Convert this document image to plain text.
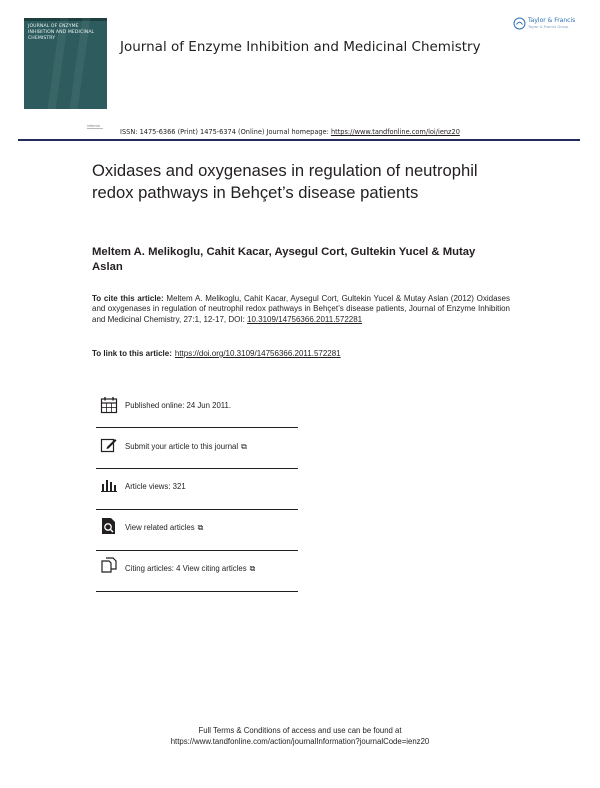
JOURNAL OF ENZYME INHIBITION AND MEDICINAL CHEMISTRY
Journal of Enzyme Inhibition and Medicinal Chemistry
Taylor & Francis
Taylor & Francis Group
informa
ISSN: 1475-6366 (Print) 1475-6374 (Online) Journal homepage: https://www.tandfonline.com/loi/ienz20
Oxidases and oxygenases in regulation of neutrophil redox pathways in Behçet’s disease patients
Meltem A. Melikoglu, Cahit Kacar, Aysegul Cort, Gultekin Yucel & Mutay Aslan

To cite this article: Meltem A. Melikoglu, Cahit Kacar, Aysegul Cort, Gultekin Yucel & Mutay Aslan (2012) Oxidases and oxygenases in regulation of neutrophil redox pathways in Behçet’s disease patients, Journal of Enzyme Inhibition and Medicinal Chemistry, 27:1, 12-17, DOI: 10.3109/14756366.2011.572281

To link to this article: https://doi.org/10.3109/14756366.2011.572281
Published online: 24 Jun 2011.
Submit your article to this journal ⧉
Article views: 321
View related articles ⧉
Citing articles: 4 View citing articles ⧉
Full Terms & Conditions of access and use can be found at
https://www.tandfonline.com/action/journalInformation?journalCode=ienz20
